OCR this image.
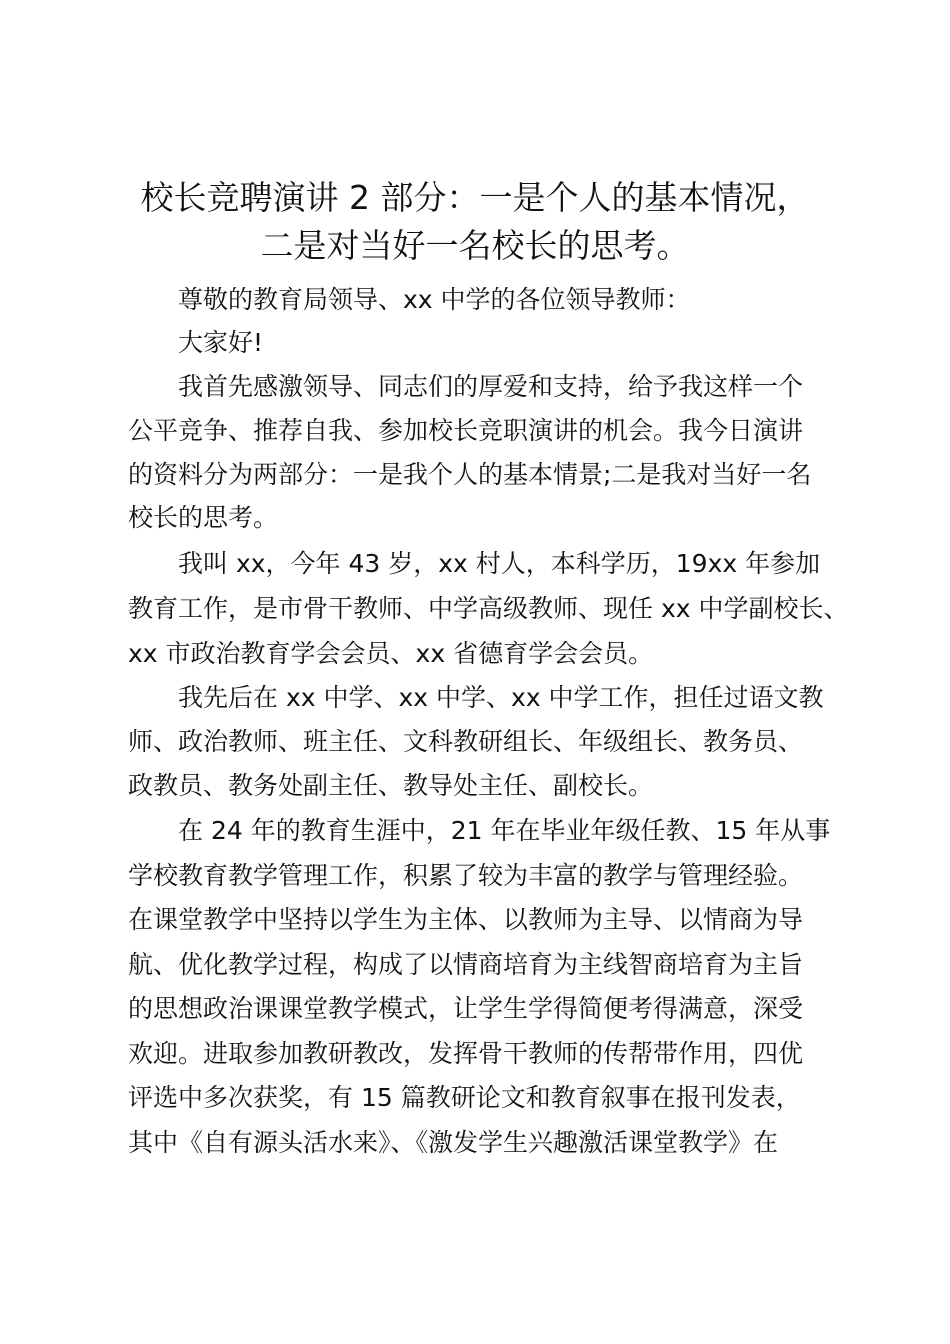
校长竞聘演讲 2 部分：一是个人的基本情况，
二是对当好一名校长的思考。

尊敬的教育局领导、xx 中学的各位领导教师：

大家好!

我首先感激领导、同志们的厚爱和支持，给予我这样一个

公平竞争、推荐自我、参加校长竞职演讲的机会。我今日演讲

的资料分为两部分：一是我个人的基本情景;二是我对当好一名

校长的思考。

我叫 xx，今年 43 岁，xx 村人，本科学历，19xx 年参加

教育工作，是市骨干教师、中学高级教师、现任 xx 中学副校长、

xx 市政治教育学会会员、xx 省德育学会会员。

我先后在 xx 中学、xx 中学、xx 中学工作，担任过语文教

师、政治教师、班主任、文科教研组长、年级组长、教务员、

政教员、教务处副主任、教导处主任、副校长。

在 24 年的教育生涯中，21 年在毕业年级任教、15 年从事

学校教育教学管理工作，积累了较为丰富的教学与管理经验。

在课堂教学中坚持以学生为主体、以教师为主导、以情商为导

航、优化教学过程，构成了以情商培育为主线智商培育为主旨

的思想政治课课堂教学模式，让学生学得简便考得满意，深受

欢迎。进取参加教研教改，发挥骨干教师的传帮带作用，四优

评选中多次获奖，有 15 篇教研论文和教育叙事在报刊发表，

其中《自有源头活水来》、《激发学生兴趣激活课堂教学》在
